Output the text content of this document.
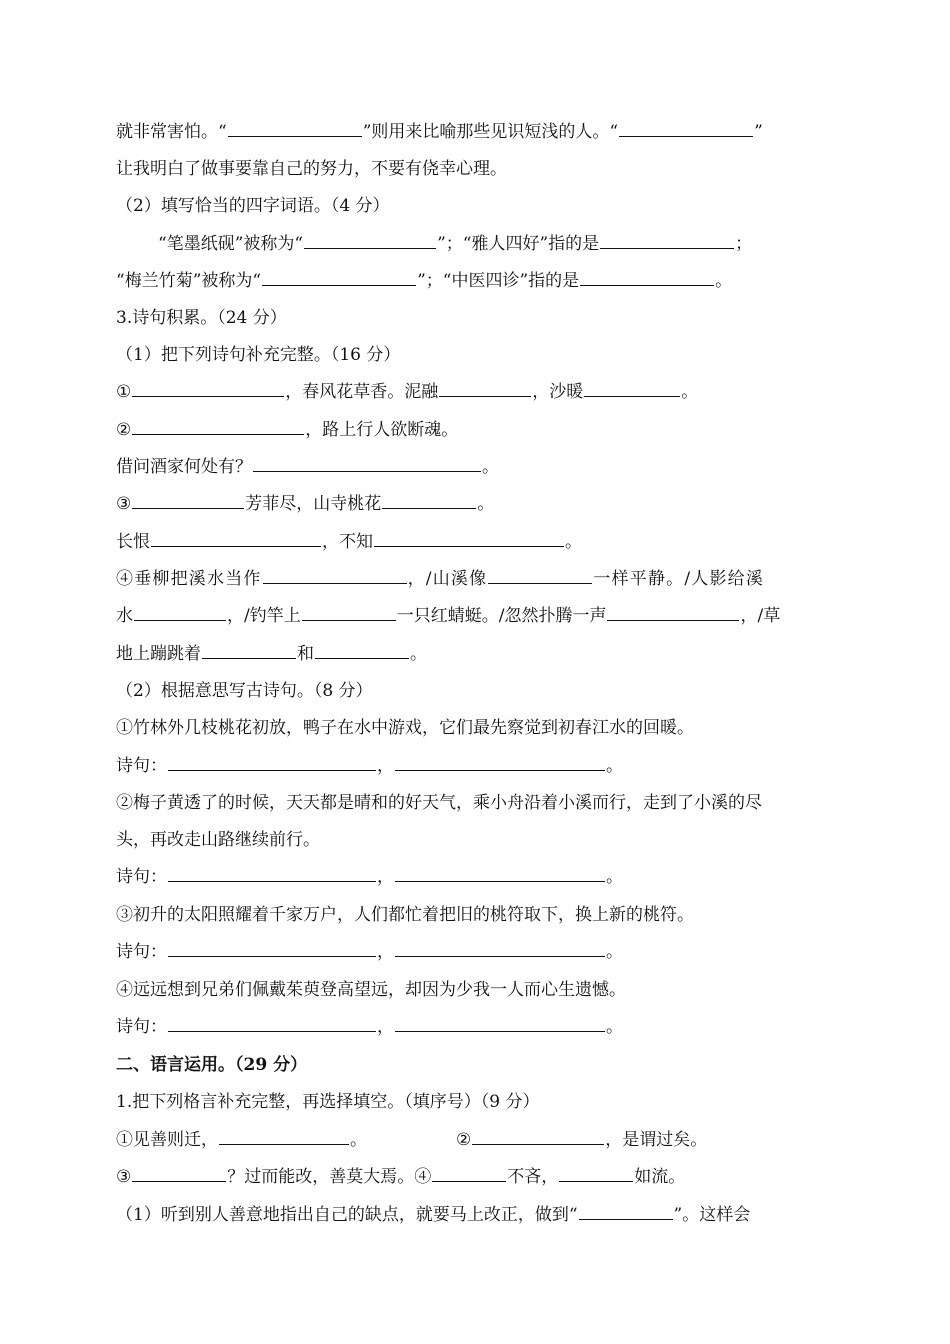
就非常害怕。“	”则用来比喻那些见识短浅的人。“	”
让我明白了做事要靠自己的努力，不要有侥幸心理。
（2）填写恰当的四字词语。（4 分）
“笔墨纸砚”被称为“	”；“雅人四好”指的是	；
“梅兰竹菊”被称为“	”；“中医四诊”指的是	。
3.诗句积累。（24 分）
（1）把下列诗句补充完整。（16 分）
①	，春风花草香。泥融	，沙暖	。
②	，路上行人欲断魂。
借问酒家何处有？	。
③	芳菲尽，山寺桃花	。
长恨	，不知	。
④垂柳把溪水当作	，/山溪像	一样平静。/人影给溪
水	，/钓竿上	一只红蜻蜓。/忽然扑腾一声	，/草
地上蹦跳着	和	。
（2）根据意思写古诗句。（8 分）
①竹林外几枝桃花初放，鸭子在水中游戏，它们最先察觉到初春江水的回暖。
诗句：	，	。
②梅子黄透了的时候，天天都是晴和的好天气，乘小舟沿着小溪而行，走到了小溪的尽
头，再改走山路继续前行。
诗句：	，	。
③初升的太阳照耀着千家万户，人们都忙着把旧的桃符取下，换上新的桃符。
诗句：	，	。
④远远想到兄弟们佩戴茱萸登高望远，却因为少我一人而心生遗憾。
诗句：	，	。
二、语言运用。（29 分）
1.把下列格言补充完整，再选择填空。（填序号）（9 分）
①见善则迁，	。	②	，是谓过矣。
③	？过而能改，善莫大焉。④	不吝，	如流。
（1）听到别人善意地指出自己的缺点，就要马上改正，做到“	”。这样会
